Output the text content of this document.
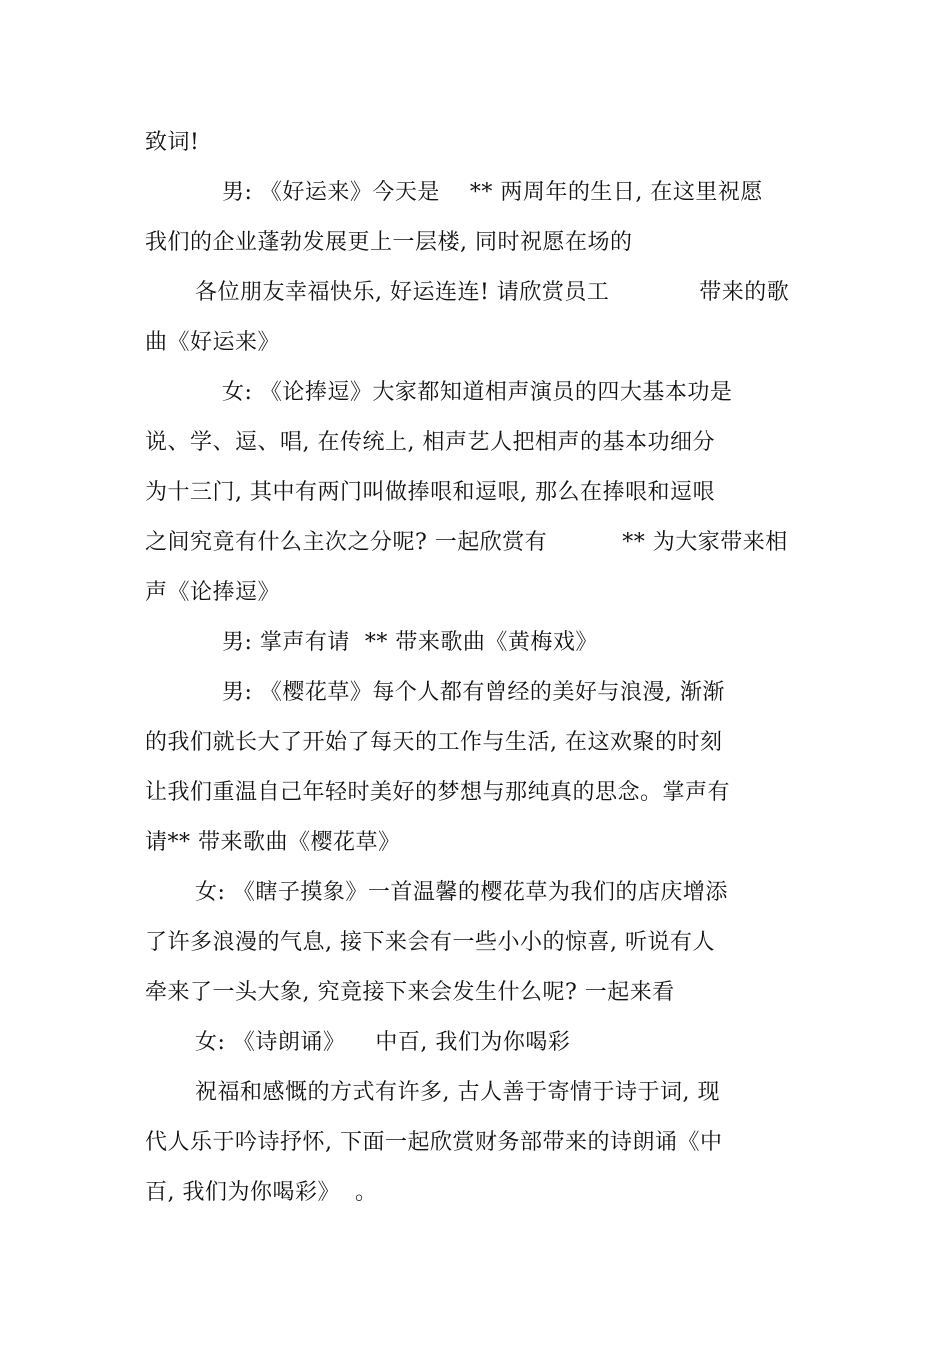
致词!
男: 《好运来》今天是    ** 两周年的生日, 在这里祝愿
我们的企业蓬勃发展更上一层楼, 同时祝愿在场的
各位朋友幸福快乐, 好运连连! 请欣赏员工            带来的歌
曲《好运来》
女: 《论捧逗》大家都知道相声演员的四大基本功是
说、学、逗、唱, 在传统上, 相声艺人把相声的基本功细分
为十三门, 其中有两门叫做捧哏和逗哏, 那么在捧哏和逗哏
之间究竟有什么主次之分呢? 一起欣赏有          ** 为大家带来相
声《论捧逗》
男: 掌声有请  ** 带来歌曲《黄梅戏》
男: 《樱花草》每个人都有曾经的美好与浪漫, 渐渐
的我们就长大了开始了每天的工作与生活, 在这欢聚的时刻
让我们重温自己年轻时美好的梦想与那纯真的思念。掌声有
请** 带来歌曲《樱花草》
女: 《瞎子摸象》一首温馨的樱花草为我们的店庆增添
了许多浪漫的气息, 接下来会有一些小小的惊喜, 听说有人
牵来了一头大象, 究竟接下来会发生什么呢? 一起来看
女: 《诗朗诵》    中百, 我们为你喝彩
祝福和感慨的方式有许多, 古人善于寄情于诗于词, 现
代人乐于吟诗抒怀, 下面一起欣赏财务部带来的诗朗诵《中
百, 我们为你喝彩》  。
